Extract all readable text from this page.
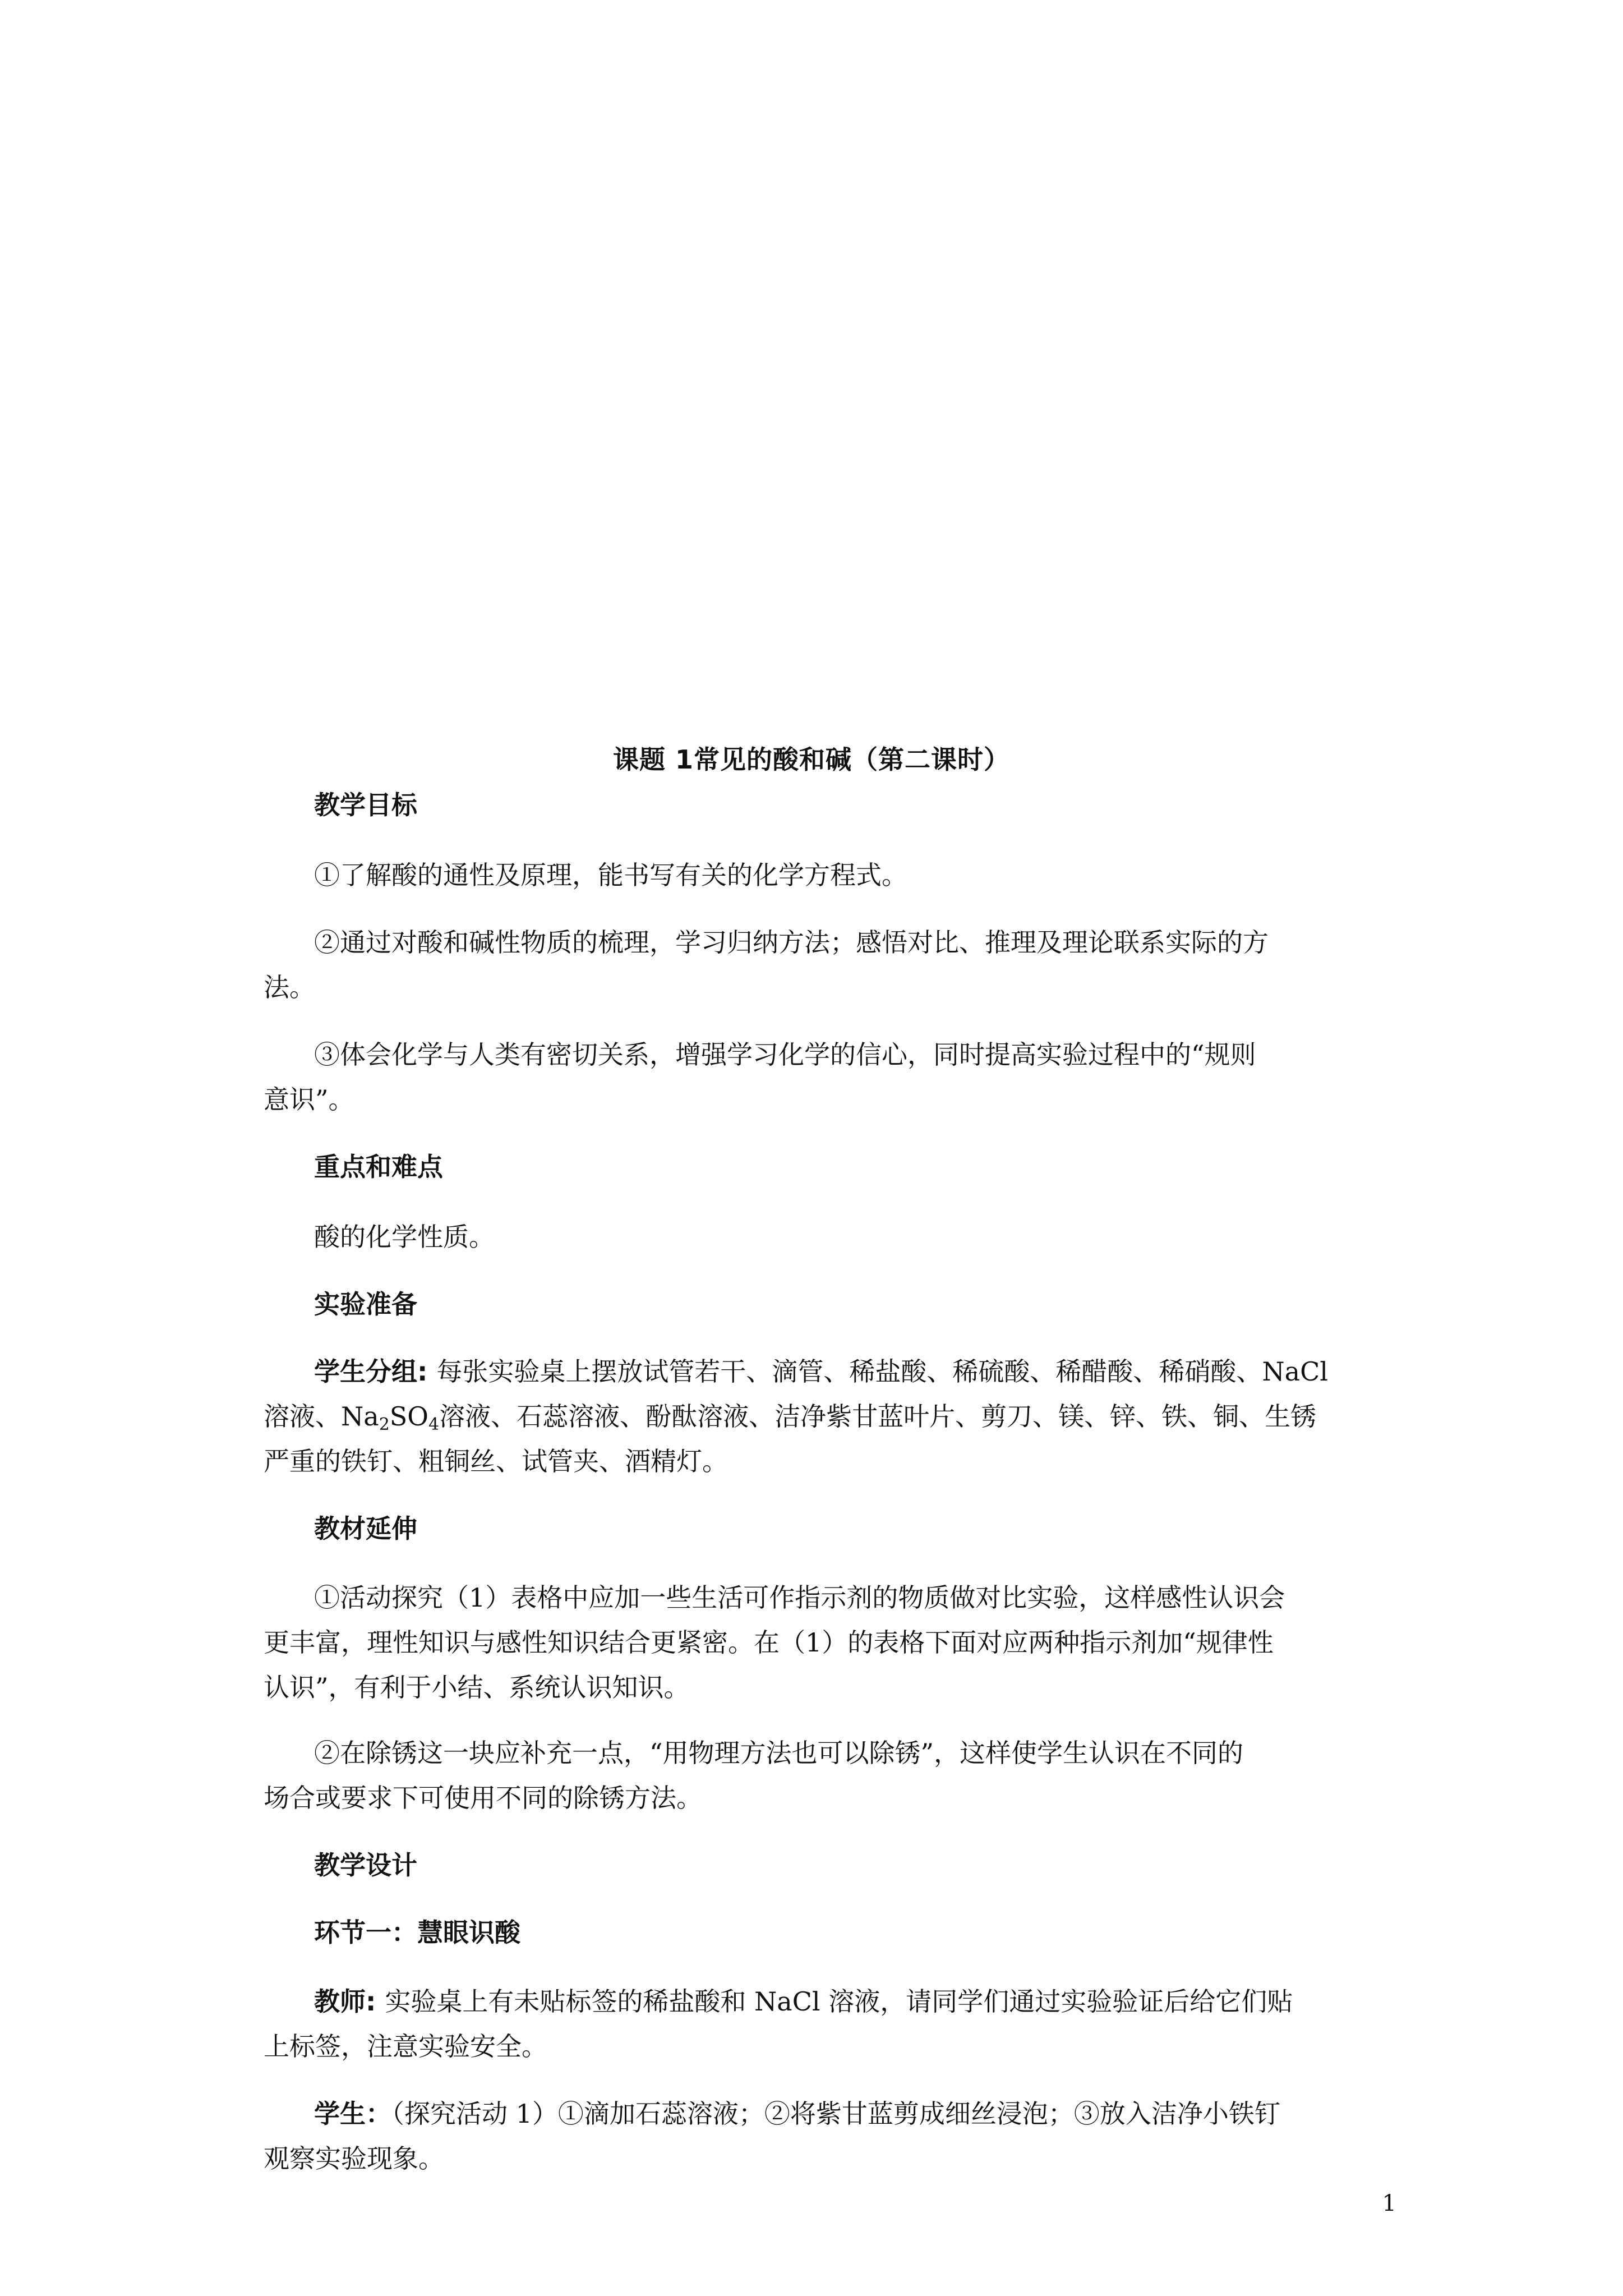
课题 1常见的酸和碱（第二课时）

教学目标

①了解酸的通性及原理，能书写有关的化学方程式。

②通过对酸和碱性物质的梳理，学习归纳方法；感悟对比、推理及理论联系实际的方

法。

③体会化学与人类有密切关系，增强学习化学的信心，同时提高实验过程中的“规则

意识”。

重点和难点

酸的化学性质。

实验准备

学生分组: 每张实验桌上摆放试管若干、滴管、稀盐酸、稀硫酸、稀醋酸、稀硝酸、NaCl

溶液、$Na_2SO_4$溶液、石蕊溶液、酚酞溶液、洁净紫甘蓝叶片、剪刀、镁、锌、铁、铜、生锈

严重的铁钉、粗铜丝、试管夹、酒精灯。

教材延伸

①活动探究（1）表格中应加一些生活可作指示剂的物质做对比实验，这样感性认识会

更丰富，理性知识与感性知识结合更紧密。在（1）的表格下面对应两种指示剂加“规律性

认识”，有利于小结、系统认识知识。

②在除锈这一块应补充一点，“用物理方法也可以除锈”，这样使学生认识在不同的

场合或要求下可使用不同的除锈方法。

教学设计

环节一：慧眼识酸

教师: 实验桌上有未贴标签的稀盐酸和 NaCl 溶液，请同学们通过实验验证后给它们贴

上标签，注意实验安全。

学生：（探究活动 1）①滴加石蕊溶液；②将紫甘蓝剪成细丝浸泡；③放入洁净小铁钉

观察实验现象。

1
